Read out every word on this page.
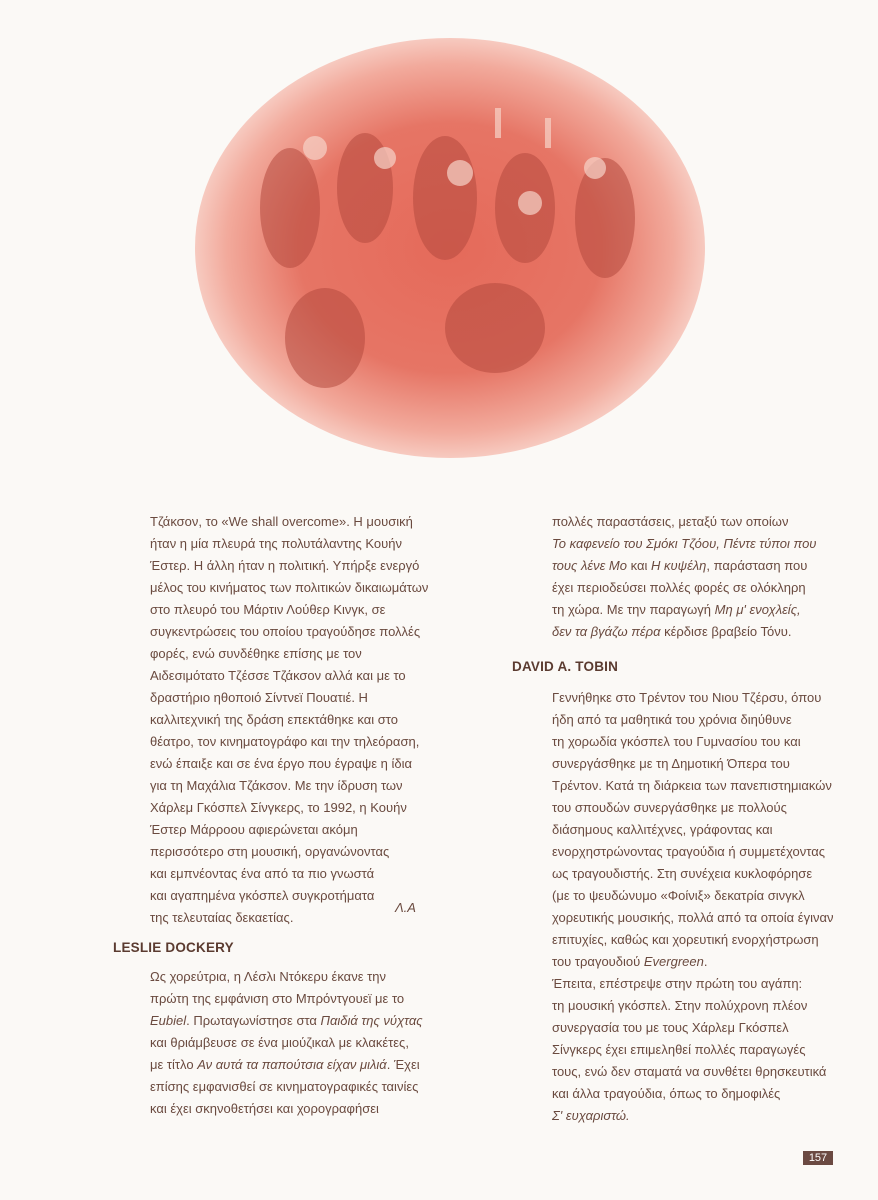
Τζάκσον, το «We shall overcome». Η μουσική

ήταν η μία πλευρά της πολυτάλαντης Κουήν

Έστερ. Η άλλη ήταν η πολιτική. Υπήρξε ενεργό

μέλος του κινήματος των πολιτικών δικαιωμάτων

στο πλευρό του Μάρτιν Λούθερ Κινγκ, σε

συγκεντρώσεις του οποίου τραγούδησε πολλές

φορές, ενώ συνδέθηκε επίσης με τον

Αιδεσιμότατο Τζέσσε Τζάκσον αλλά και με το

δραστήριο ηθοποιό Σίντνεϊ Πουατιέ. Η

καλλιτεχνική της δράση επεκτάθηκε και στο

θέατρο, τον κινηματογράφο και την τηλεόραση,

ενώ έπαιξε και σε ένα έργο που έγραψε η ίδια

για τη Μαχάλια Τζάκσον. Με την ίδρυση των

Χάρλεμ Γκόσπελ Σίνγκερς, το 1992, η Κουήν

Έστερ Μάρροου αφιερώνεται ακόμη

περισσότερο στη μουσική, οργανώνοντας

και εμπνέοντας ένα από τα πιο γνωστά

και αγαπημένα γκόσπελ συγκροτήματα

της τελευταίας δεκαετίας.

Λ.Α
LESLIE DOCKERY

Ως χορεύτρια, η Λέσλι Ντόκερυ έκανε την

πρώτη της εμφάνιση στο Μπρόντγουεϊ με το

Eubiel. Πρωταγωνίστησε στα Παιδιά της νύχτας

και θριάμβευσε σε ένα μιούζικαλ με κλακέτες,

με τίτλο Αν αυτά τα παπούτσια είχαν μιλιά. Έχει

επίσης εμφανισθεί σε κινηματογραφικές ταινίες

και έχει σκηνοθετήσει και χορογραφήσει

πολλές παραστάσεις, μεταξύ των οποίων

Το καφενείο του Σμόκι Τζόου, Πέντε τύποι που

τους λένε Μο και Η κυψέλη, παράσταση που

έχει περιοδεύσει πολλές φορές σε ολόκληρη

τη χώρα. Με την παραγωγή Μη μ' ενοχλείς,

δεν τα βγάζω πέρα κέρδισε βραβείο Τόνυ.

DAVID A. TOBIN

Γεννήθηκε στο Τρέντον του Νιου Τζέρσυ, όπου

ήδη από τα μαθητικά του χρόνια διηύθυνε

τη χορωδία γκόσπελ του Γυμνασίου του και

συνεργάσθηκε με τη Δημοτική Όπερα του

Τρέντον. Κατά τη διάρκεια των πανεπιστημιακών

του σπουδών συνεργάσθηκε με πολλούς

διάσημους καλλιτέχνες, γράφοντας και

ενορχηστρώνοντας τραγούδια ή συμμετέχοντας

ως τραγουδιστής. Στη συνέχεια κυκλοφόρησε

(με το ψευδώνυμο «Φοίνιξ» δεκατρία σινγκλ

χορευτικής μουσικής, πολλά από τα οποία έγιναν

επιτυχίες, καθώς και χορευτική ενορχήστρωση

του τραγουδιού Evergreen.

Έπειτα, επέστρεψε στην πρώτη του αγάπη:

τη μουσική γκόσπελ. Στην πολύχρονη πλέον

συνεργασία του με τους Χάρλεμ Γκόσπελ

Σίνγκερς έχει επιμεληθεί πολλές παραγωγές

τους, ενώ δεν σταματά να συνθέτει θρησκευτικά

και άλλα τραγούδια, όπως το δημοφιλές

Σ' ευχαριστώ.

157
